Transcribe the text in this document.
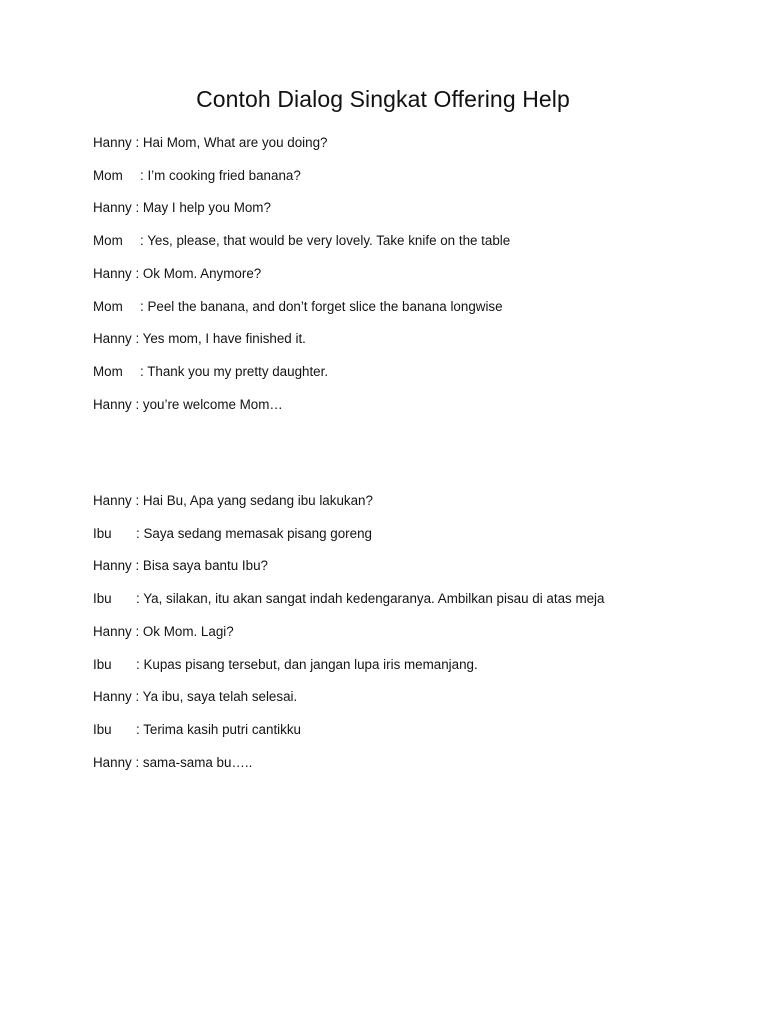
Contoh Dialog Singkat Offering Help
Hanny : Hai Mom, What are you doing?
Mom : I’m cooking fried banana?
Hanny : May I help you Mom?
Mom : Yes, please, that would be very lovely. Take knife on the table
Hanny : Ok Mom. Anymore?
Mom : Peel the banana, and don’t forget slice the banana longwise
Hanny : Yes mom, I have finished it.
Mom : Thank you my pretty daughter.
Hanny : you’re welcome Mom…
Hanny : Hai Bu, Apa yang sedang ibu lakukan?
Ibu : Saya sedang memasak pisang goreng
Hanny : Bisa saya bantu Ibu?
Ibu : Ya, silakan, itu akan sangat indah kedengaranya. Ambilkan pisau di atas meja
Hanny : Ok Mom. Lagi?
Ibu : Kupas pisang tersebut, dan jangan lupa iris memanjang.
Hanny : Ya ibu, saya telah selesai.
Ibu : Terima kasih putri cantikku
Hanny : sama-sama bu…..
